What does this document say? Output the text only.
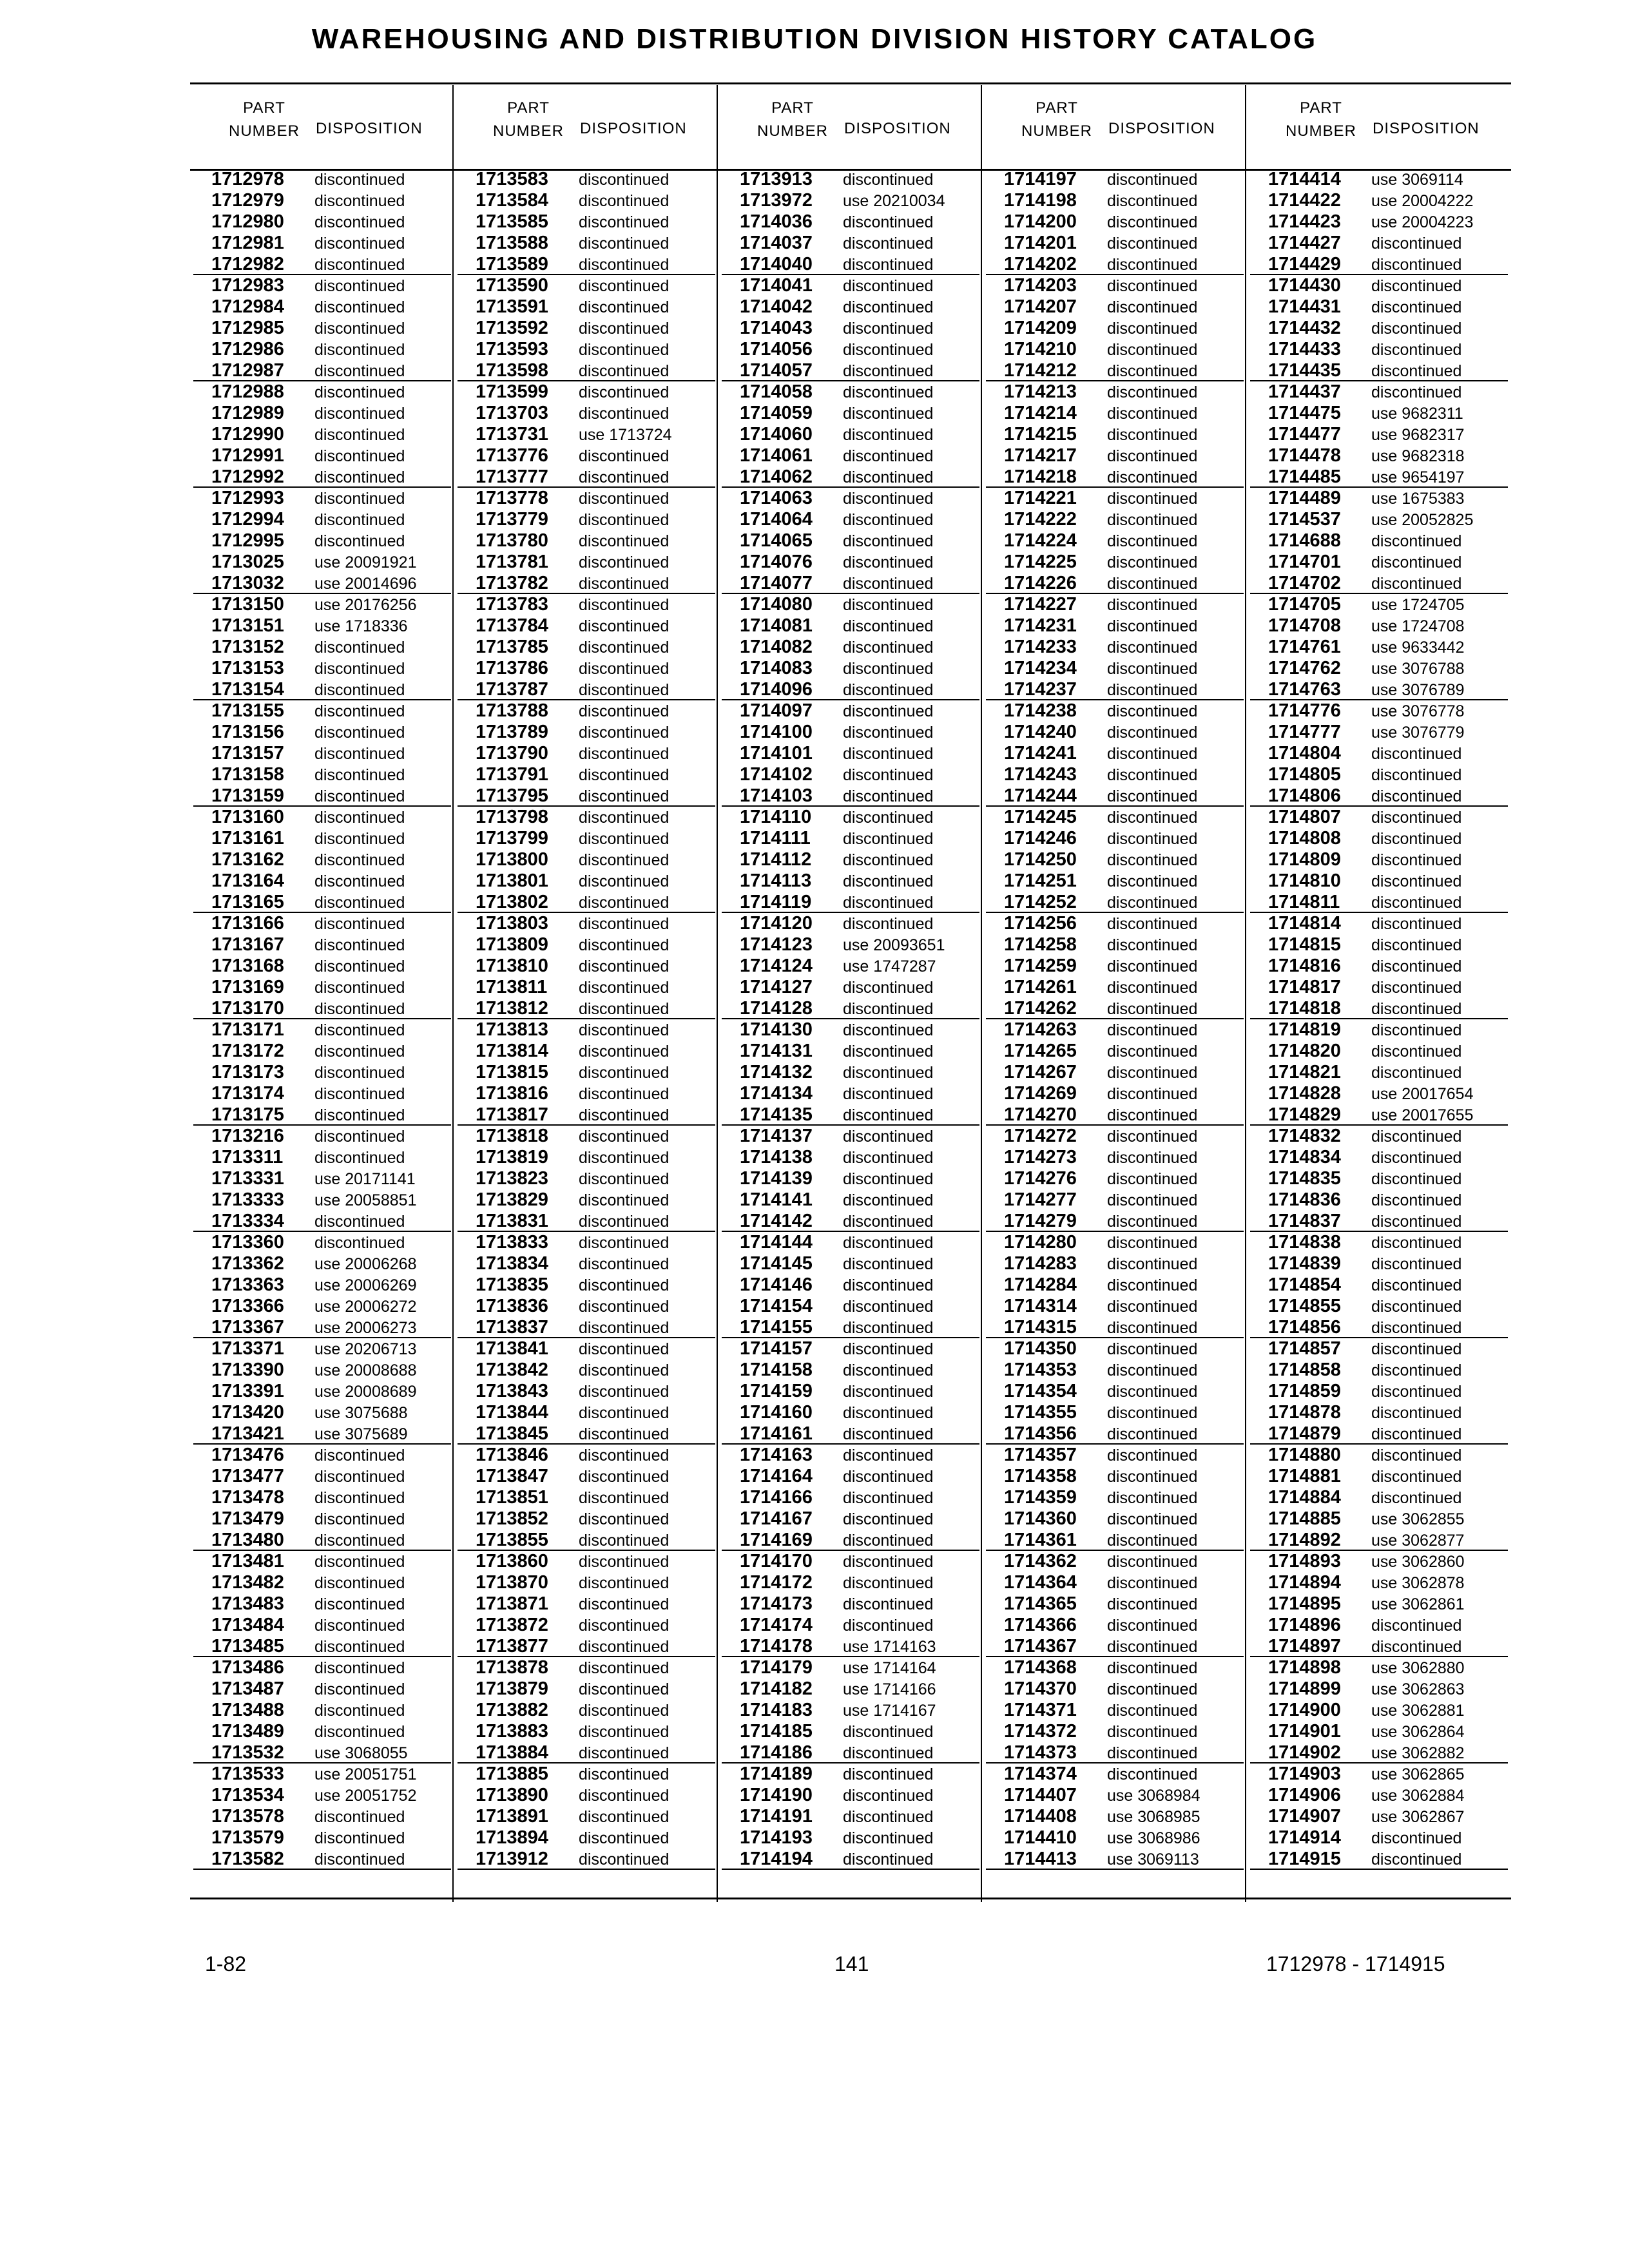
WAREHOUSING AND DISTRIBUTION DIVISION HISTORY CATALOG
PART
NUMBER DISPOSITION
1712978 discontinued
1712979 discontinued
1712980 discontinued
1712981 discontinued
1712982 discontinued
1712983 discontinued
1712984 discontinued
1712985 discontinued
1712986 discontinued
1712987 discontinued
1712988 discontinued
1712989 discontinued
1712990 discontinued
1712991 discontinued
1712992 discontinued
1712993 discontinued
1712994 discontinued
1712995 discontinued
1713025 use 20091921
1713032 use 20014696
1713150 use 20176256
1713151 use 1718336
1713152 discontinued
1713153 discontinued
1713154 discontinued
1713155 discontinued
1713156 discontinued
1713157 discontinued
1713158 discontinued
1713159 discontinued
1713160 discontinued
1713161 discontinued
1713162 discontinued
1713164 discontinued
1713165 discontinued
1713166 discontinued
1713167 discontinued
1713168 discontinued
1713169 discontinued
1713170 discontinued
1713171 discontinued
1713172 discontinued
1713173 discontinued
1713174 discontinued
1713175 discontinued
1713216 discontinued
1713311 discontinued
1713331 use 20171141
1713333 use 20058851
1713334 discontinued
1713360 discontinued
1713362 use 20006268
1713363 use 20006269
1713366 use 20006272
1713367 use 20006273
1713371 use 20206713
1713390 use 20008688
1713391 use 20008689
1713420 use 3075688
1713421 use 3075689
1713476 discontinued
1713477 discontinued
1713478 discontinued
1713479 discontinued
1713480 discontinued
1713481 discontinued
1713482 discontinued
1713483 discontinued
1713484 discontinued
1713485 discontinued
1713486 discontinued
1713487 discontinued
1713488 discontinued
1713489 discontinued
1713532 use 3068055
1713533 use 20051751
1713534 use 20051752
1713578 discontinued
1713579 discontinued
1713582 discontinued
PART
NUMBER DISPOSITION
1713583 discontinued
1713584 discontinued
1713585 discontinued
1713588 discontinued
1713589 discontinued
1713590 discontinued
1713591 discontinued
1713592 discontinued
1713593 discontinued
1713598 discontinued
1713599 discontinued
1713703 discontinued
1713731 use 1713724
1713776 discontinued
1713777 discontinued
1713778 discontinued
1713779 discontinued
1713780 discontinued
1713781 discontinued
1713782 discontinued
1713783 discontinued
1713784 discontinued
1713785 discontinued
1713786 discontinued
1713787 discontinued
1713788 discontinued
1713789 discontinued
1713790 discontinued
1713791 discontinued
1713795 discontinued
1713798 discontinued
1713799 discontinued
1713800 discontinued
1713801 discontinued
1713802 discontinued
1713803 discontinued
1713809 discontinued
1713810 discontinued
1713811 discontinued
1713812 discontinued
1713813 discontinued
1713814 discontinued
1713815 discontinued
1713816 discontinued
1713817 discontinued
1713818 discontinued
1713819 discontinued
1713823 discontinued
1713829 discontinued
1713831 discontinued
1713833 discontinued
1713834 discontinued
1713835 discontinued
1713836 discontinued
1713837 discontinued
1713841 discontinued
1713842 discontinued
1713843 discontinued
1713844 discontinued
1713845 discontinued
1713846 discontinued
1713847 discontinued
1713851 discontinued
1713852 discontinued
1713855 discontinued
1713860 discontinued
1713870 discontinued
1713871 discontinued
1713872 discontinued
1713877 discontinued
1713878 discontinued
1713879 discontinued
1713882 discontinued
1713883 discontinued
1713884 discontinued
1713885 discontinued
1713890 discontinued
1713891 discontinued
1713894 discontinued
1713912 discontinued
PART
NUMBER DISPOSITION
1713913 discontinued
1713972 use 20210034
1714036 discontinued
1714037 discontinued
1714040 discontinued
1714041 discontinued
1714042 discontinued
1714043 discontinued
1714056 discontinued
1714057 discontinued
1714058 discontinued
1714059 discontinued
1714060 discontinued
1714061 discontinued
1714062 discontinued
1714063 discontinued
1714064 discontinued
1714065 discontinued
1714076 discontinued
1714077 discontinued
1714080 discontinued
1714081 discontinued
1714082 discontinued
1714083 discontinued
1714096 discontinued
1714097 discontinued
1714100 discontinued
1714101 discontinued
1714102 discontinued
1714103 discontinued
1714110 discontinued
1714111 discontinued
1714112 discontinued
1714113 discontinued
1714119 discontinued
1714120 discontinued
1714123 use 20093651
1714124 use 1747287
1714127 discontinued
1714128 discontinued
1714130 discontinued
1714131 discontinued
1714132 discontinued
1714134 discontinued
1714135 discontinued
1714137 discontinued
1714138 discontinued
1714139 discontinued
1714141 discontinued
1714142 discontinued
1714144 discontinued
1714145 discontinued
1714146 discontinued
1714154 discontinued
1714155 discontinued
1714157 discontinued
1714158 discontinued
1714159 discontinued
1714160 discontinued
1714161 discontinued
1714163 discontinued
1714164 discontinued
1714166 discontinued
1714167 discontinued
1714169 discontinued
1714170 discontinued
1714172 discontinued
1714173 discontinued
1714174 discontinued
1714178 use 1714163
1714179 use 1714164
1714182 use 1714166
1714183 use 1714167
1714185 discontinued
1714186 discontinued
1714189 discontinued
1714190 discontinued
1714191 discontinued
1714193 discontinued
1714194 discontinued
PART
NUMBER DISPOSITION
1714197 discontinued
1714198 discontinued
1714200 discontinued
1714201 discontinued
1714202 discontinued
1714203 discontinued
1714207 discontinued
1714209 discontinued
1714210 discontinued
1714212 discontinued
1714213 discontinued
1714214 discontinued
1714215 discontinued
1714217 discontinued
1714218 discontinued
1714221 discontinued
1714222 discontinued
1714224 discontinued
1714225 discontinued
1714226 discontinued
1714227 discontinued
1714231 discontinued
1714233 discontinued
1714234 discontinued
1714237 discontinued
1714238 discontinued
1714240 discontinued
1714241 discontinued
1714243 discontinued
1714244 discontinued
1714245 discontinued
1714246 discontinued
1714250 discontinued
1714251 discontinued
1714252 discontinued
1714256 discontinued
1714258 discontinued
1714259 discontinued
1714261 discontinued
1714262 discontinued
1714263 discontinued
1714265 discontinued
1714267 discontinued
1714269 discontinued
1714270 discontinued
1714272 discontinued
1714273 discontinued
1714276 discontinued
1714277 discontinued
1714279 discontinued
1714280 discontinued
1714283 discontinued
1714284 discontinued
1714314 discontinued
1714315 discontinued
1714350 discontinued
1714353 discontinued
1714354 discontinued
1714355 discontinued
1714356 discontinued
1714357 discontinued
1714358 discontinued
1714359 discontinued
1714360 discontinued
1714361 discontinued
1714362 discontinued
1714364 discontinued
1714365 discontinued
1714366 discontinued
1714367 discontinued
1714368 discontinued
1714370 discontinued
1714371 discontinued
1714372 discontinued
1714373 discontinued
1714374 discontinued
1714407 use 3068984
1714408 use 3068985
1714410 use 3068986
1714413 use 3069113
PART
NUMBER DISPOSITION
1714414 use 3069114
1714422 use 20004222
1714423 use 20004223
1714427 discontinued
1714429 discontinued
1714430 discontinued
1714431 discontinued
1714432 discontinued
1714433 discontinued
1714435 discontinued
1714437 discontinued
1714475 use 9682311
1714477 use 9682317
1714478 use 9682318
1714485 use 9654197
1714489 use 1675383
1714537 use 20052825
1714688 discontinued
1714701 discontinued
1714702 discontinued
1714705 use 1724705
1714708 use 1724708
1714761 use 9633442
1714762 use 3076788
1714763 use 3076789
1714776 use 3076778
1714777 use 3076779
1714804 discontinued
1714805 discontinued
1714806 discontinued
1714807 discontinued
1714808 discontinued
1714809 discontinued
1714810 discontinued
1714811 discontinued
1714814 discontinued
1714815 discontinued
1714816 discontinued
1714817 discontinued
1714818 discontinued
1714819 discontinued
1714820 discontinued
1714821 discontinued
1714828 use 20017654
1714829 use 20017655
1714832 discontinued
1714834 discontinued
1714835 discontinued
1714836 discontinued
1714837 discontinued
1714838 discontinued
1714839 discontinued
1714854 discontinued
1714855 discontinued
1714856 discontinued
1714857 discontinued
1714858 discontinued
1714859 discontinued
1714878 discontinued
1714879 discontinued
1714880 discontinued
1714881 discontinued
1714884 discontinued
1714885 use 3062855
1714892 use 3062877
1714893 use 3062860
1714894 use 3062878
1714895 use 3062861
1714896 discontinued
1714897 discontinued
1714898 use 3062880
1714899 use 3062863
1714900 use 3062881
1714901 use 3062864
1714902 use 3062882
1714903 use 3062865
1714906 use 3062884
1714907 use 3062867
1714914 discontinued
1714915 discontinued
1-82	141	1712978 - 1714915
